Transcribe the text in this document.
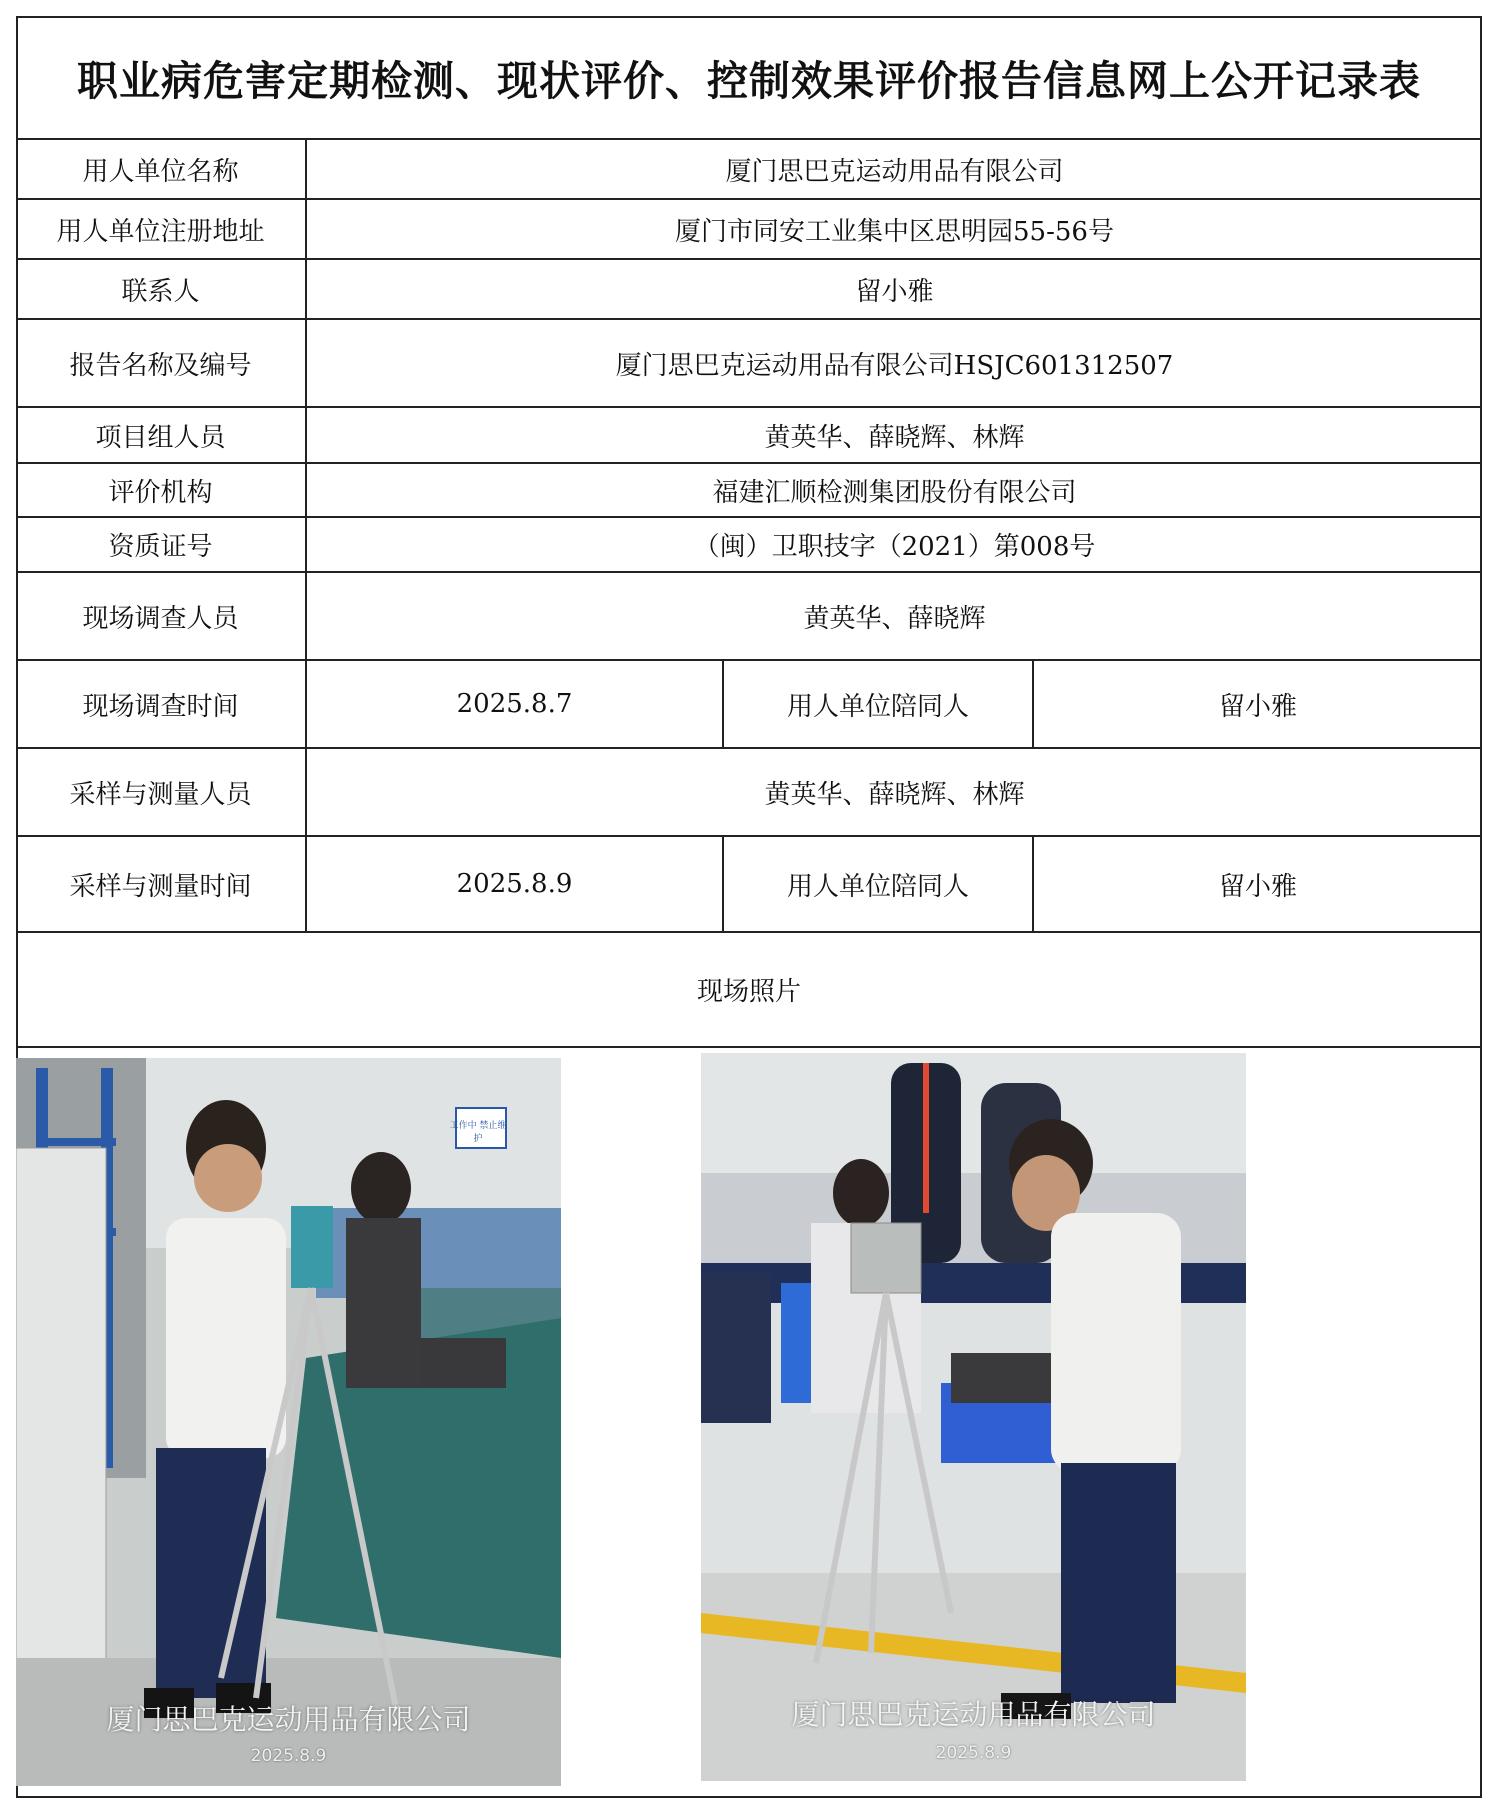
职业病危害定期检测、现状评价、控制效果评价报告信息网上公开记录表
用人单位名称	厦门思巴克运动用品有限公司
用人单位注册地址	厦门市同安工业集中区思明园55-56号
联系人	留小雅
报告名称及编号	厦门思巴克运动用品有限公司HSJC601312507
项目组人员	黄英华、薛晓辉、林辉
评价机构	福建汇顺检测集团股份有限公司
资质证号	（闽）卫职技字（2021）第008号
现场调查人员	黄英华、薛晓辉
现场调查时间	2025.8.7	用人单位陪同人	留小雅
采样与测量人员	黄英华、薛晓辉、林辉
采样与测量时间	2025.8.9	用人单位陪同人	留小雅
现场照片
工作中 禁止维护
厦门思巴克运动用品有限公司
2025.8.9
厦门思巴克运动用品有限公司
2025.8.9
